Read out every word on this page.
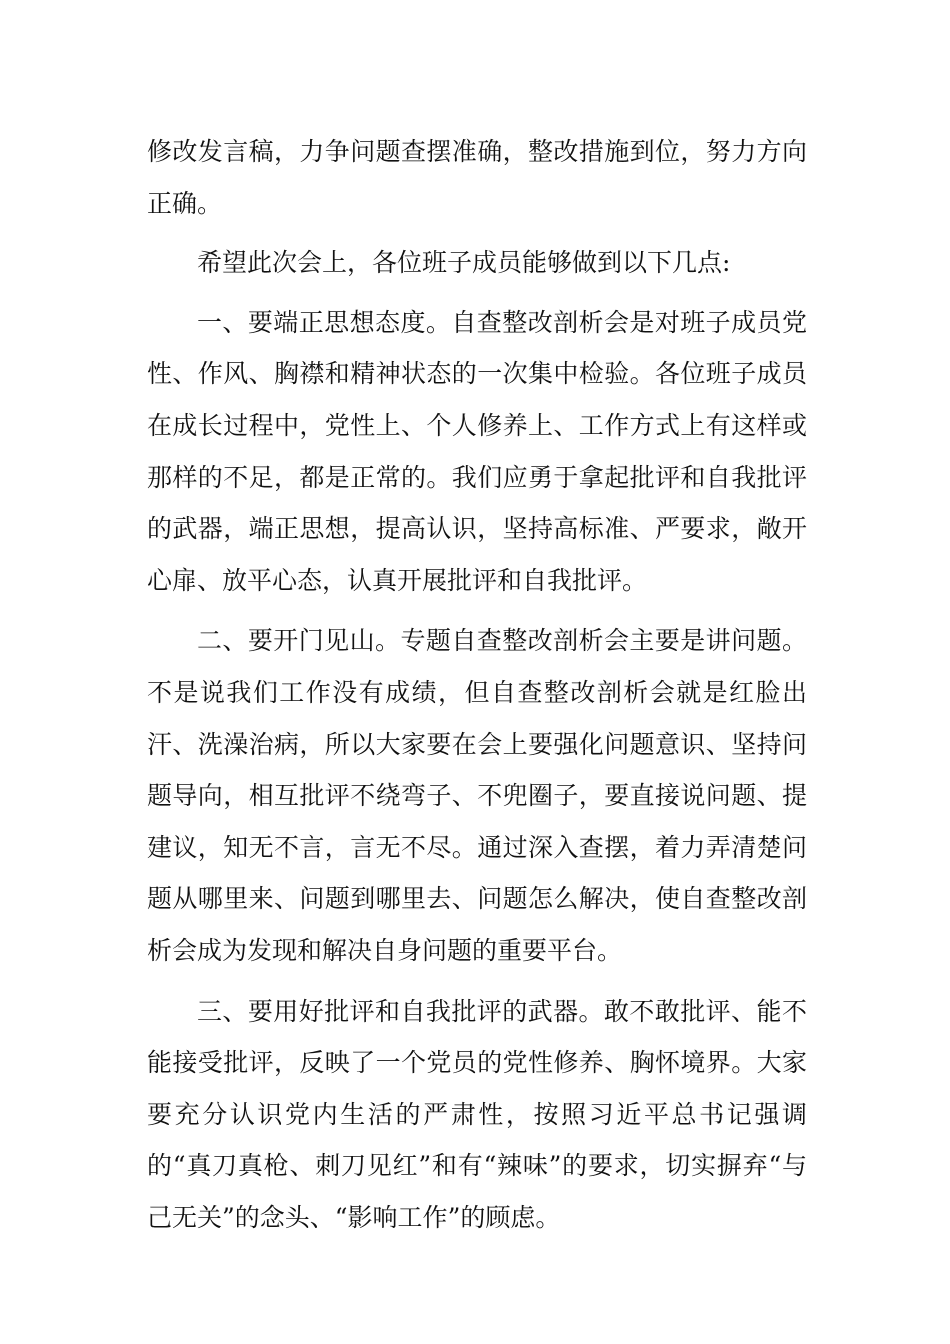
修改发言稿，力争问题查摆准确，整改措施到位，努力方向正确。

希望此次会上，各位班子成员能够做到以下几点:

一、要端正思想态度。自查整改剖析会是对班子成员党性、作风、胸襟和精神状态的一次集中检验。各位班子成员在成长过程中，党性上、个人修养上、工作方式上有这样或那样的不足，都是正常的。我们应勇于拿起批评和自我批评的武器，端正思想，提高认识，坚持高标准、严要求，敞开心扉、放平心态，认真开展批评和自我批评。

二、要开门见山。专题自查整改剖析会主要是讲问题。不是说我们工作没有成绩，但自查整改剖析会就是红脸出汗、洗澡治病，所以大家要在会上要强化问题意识、坚持问题导向，相互批评不绕弯子、不兜圈子，要直接说问题、提建议，知无不言，言无不尽。通过深入查摆，着力弄清楚问题从哪里来、问题到哪里去、问题怎么解决，使自查整改剖析会成为发现和解决自身问题的重要平台。

三、要用好批评和自我批评的武器。敢不敢批评、能不能接受批评，反映了一个党员的党性修养、胸怀境界。大家要充分认识党内生活的严肃性，按照习近平总书记强调的“真刀真枪、刺刀见红”和有“辣味”的要求，切实摒弃“与己无关”的念头、“影响工作”的顾虑。
